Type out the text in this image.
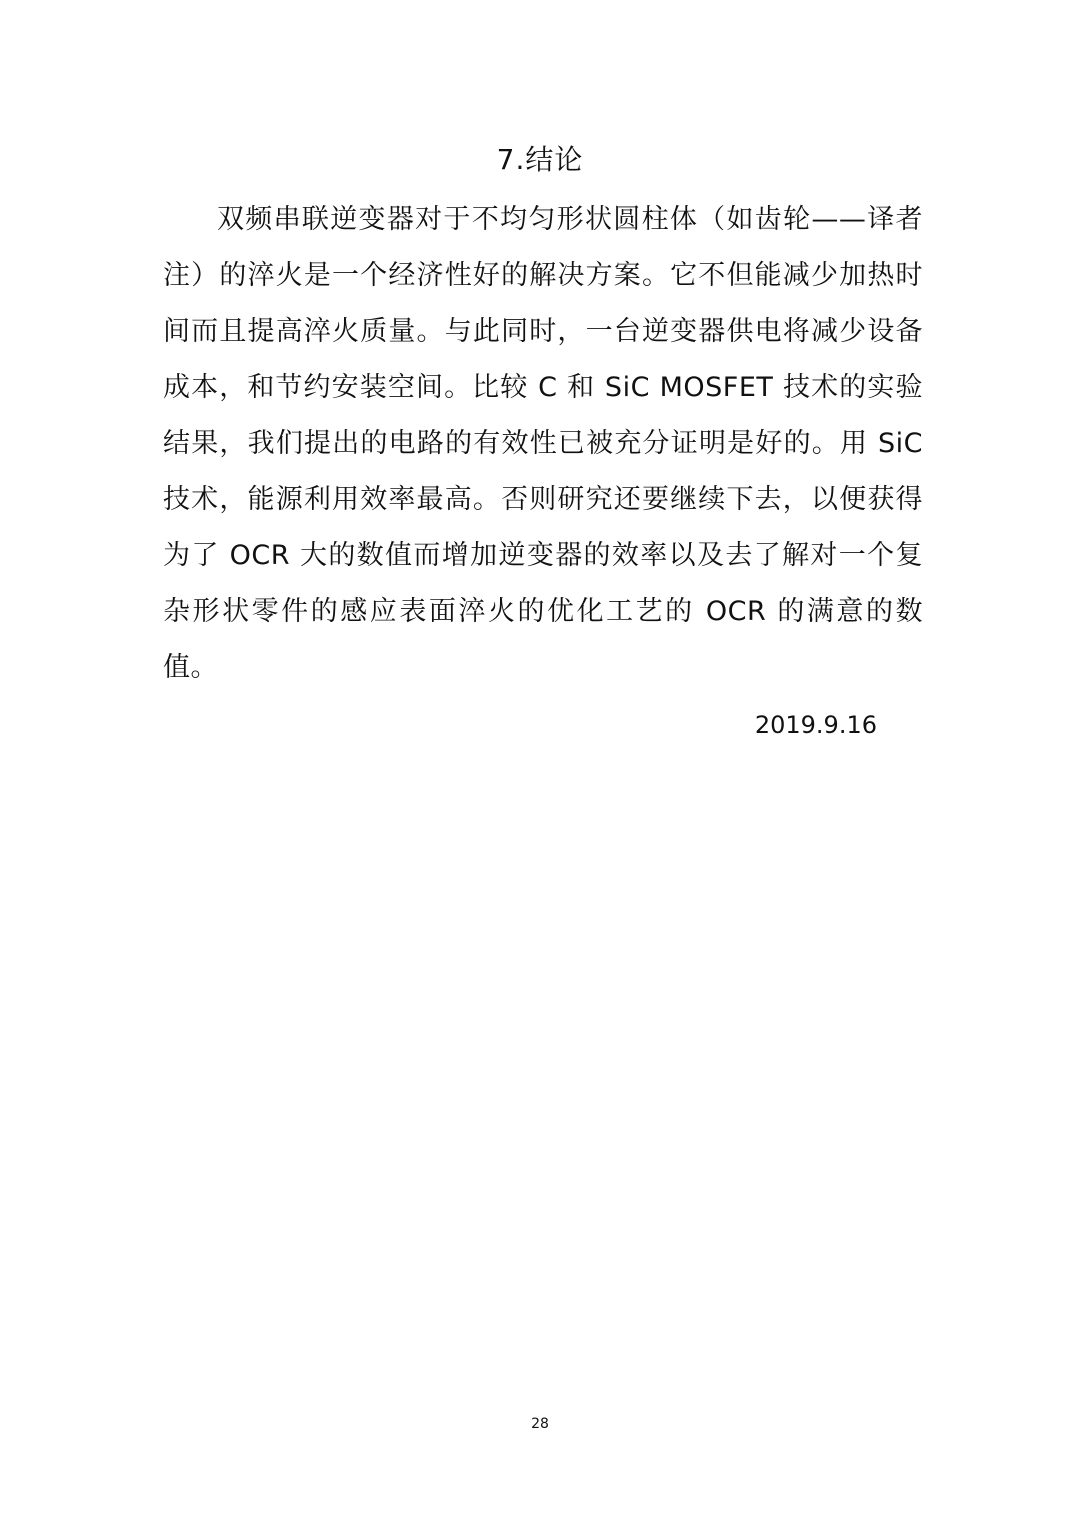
7.结论

双频串联逆变器对于不均匀形状圆柱体（如齿轮——译者注）的淬火是一个经济性好的解决方案。它不但能减少加热时间而且提高淬火质量。与此同时，一台逆变器供电将减少设备成本，和节约安装空间。比较 C 和 SiC MOSFET 技术的实验结果，我们提出的电路的有效性已被充分证明是好的。用 SiC 技术，能源利用效率最高。否则研究还要继续下去，以便获得为了 OCR 大的数值而增加逆变器的效率以及去了解对一个复杂形状零件的感应表面淬火的优化工艺的 OCR 的满意的数值。

2019.9.16
28
